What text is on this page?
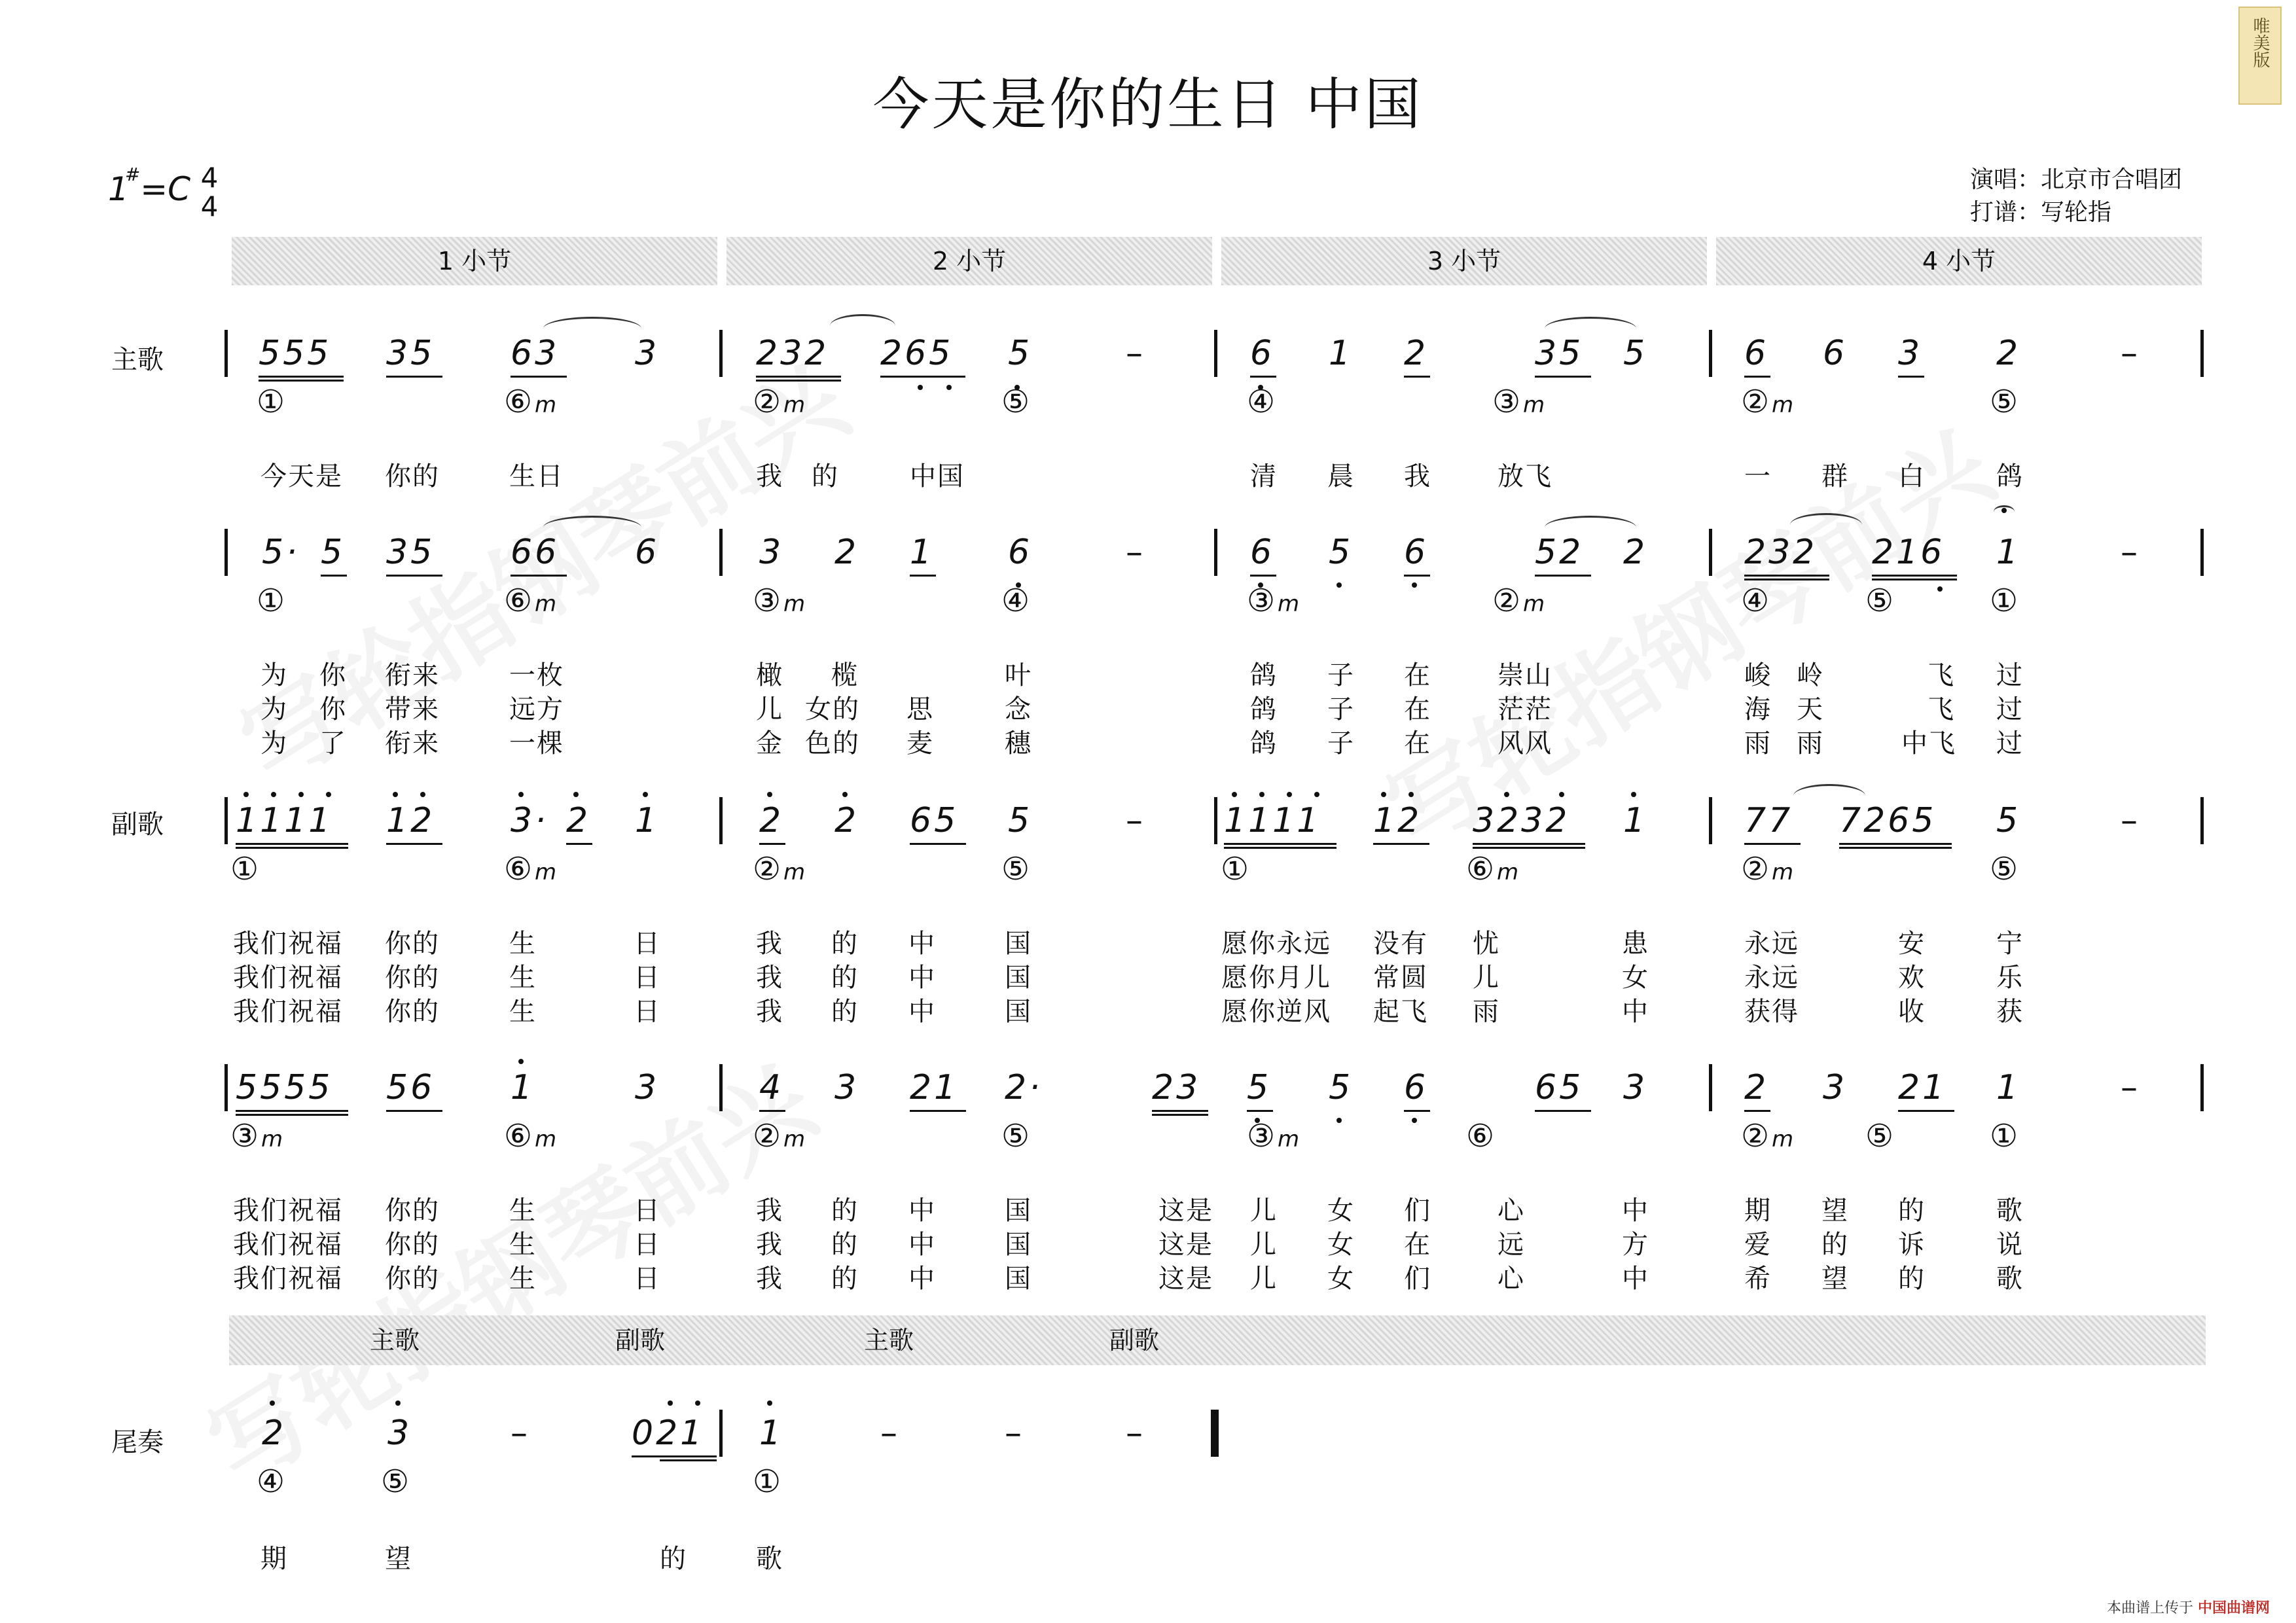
今天是你的生日 中国
唯美版
1#=C 4
4
演唱：北京市合唱团
打谱：写轮指
1 小节	2 小节	3 小节	4 小节
主歌
副歌
尾奏
555 35 63 3	232 265 5	–	6 1 2	35 5	6 6 3 2	–
①	⑥ m	② m	⑤	④	③ m	② m	⑤
今天是 你的	生日	我 的	中国	清 晨 我	放飞	一 群 白	鸽
5· 5 35 66 6	3 2 1 6	–	6 5 6	52 2	232 216 1	–
①	⑥ m	③ m	④	③ m	② m	④	⑤	①
为 你 衔来	一枚	橄 榄	叶	鸽 子 在	崇山	峻 岭	飞 过
为 你 带来	远方	儿 女的 思	念	鸽 子 在	茫茫	海 天	飞 过
为 了 衔来	一棵	金 色的 麦	穗	鸽 子 在	风风	雨 雨	中飞 过
1111 12 3· 2 1	2 2 65 5	– 1111 12 3232 1	77 7265 5	–
①	⑥ m	② m	⑤	①	⑥ m	② m	⑤
我们祝福 你的	生	日	我 的 中	国	愿你永远 没有 忧	患	永远	安	宁
我们祝福 你的	生	日	我 的 中	国	愿你月儿 常圆 儿	女	永远	欢	乐
我们祝福 你的	生	日	我 的 中	国	愿你逆风 起飞 雨	中	获得	收	获
5555 56 1	3	4 3 21 2·	23 5 5 6	65 3	2 3 21 1	–
③ m	⑥ m	② m	⑤	③ m	⑥	② m ⑤	①
我们祝福 你的	生	日	我 的 中	国	这是 儿 女 们	心	中	期 望 的	歌
我们祝福 你的	生	日	我 的 中	国	这是 儿 女 在	远	方	爱 的 诉	说
我们祝福 你的	生	日	我 的 中	国	这是 儿 女 们	心	中	希 望 的	歌
主歌	副歌	主歌	副歌
2	3	–	021 1	–	–	–
④	⑤	①
期	望	的	歌
本曲谱上传于 中国曲谱网
